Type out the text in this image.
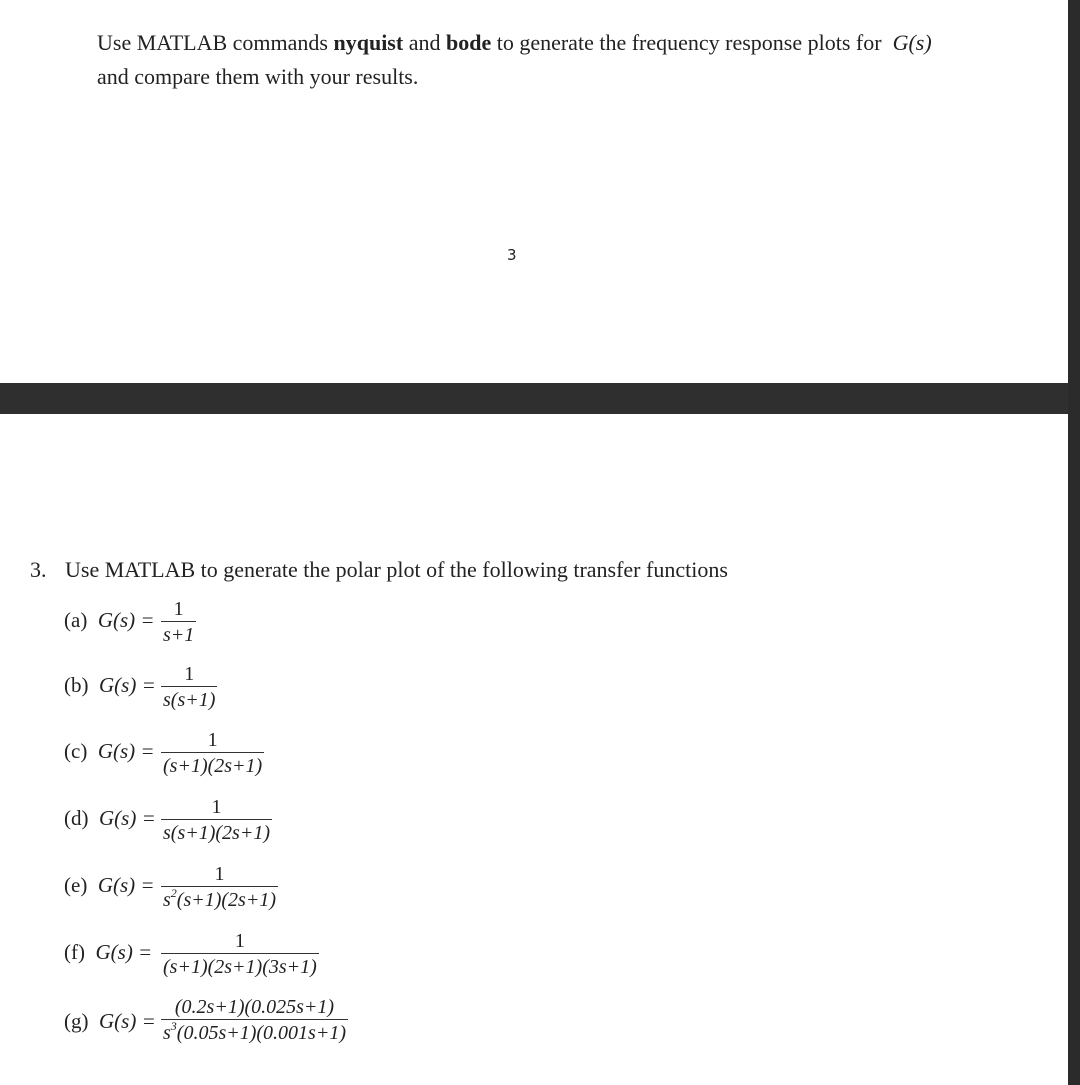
Use MATLAB commands nyquist and bode to generate the frequency response plots for  G(s)
and compare them with your results.
3
3. Use MATLAB to generate the polar plot of the following transfer functions
(a) G(s) = 1
s+1
(b) G(s) = 1
s(s+1)
(c) G(s) =	1
(s+1)(2s+1)
(d) G(s) =	1
s(s+1)(2s+1)
(e) G(s) =	1
$s^2(s+1)(2s+1)$
(f) G(s) =	1
(s+1)(2s+1)(3s+1)
(g) G(s) =
(0.2s+1)(0.025s+1)
$s^3(0.05s+1)(0.001s+1)$
